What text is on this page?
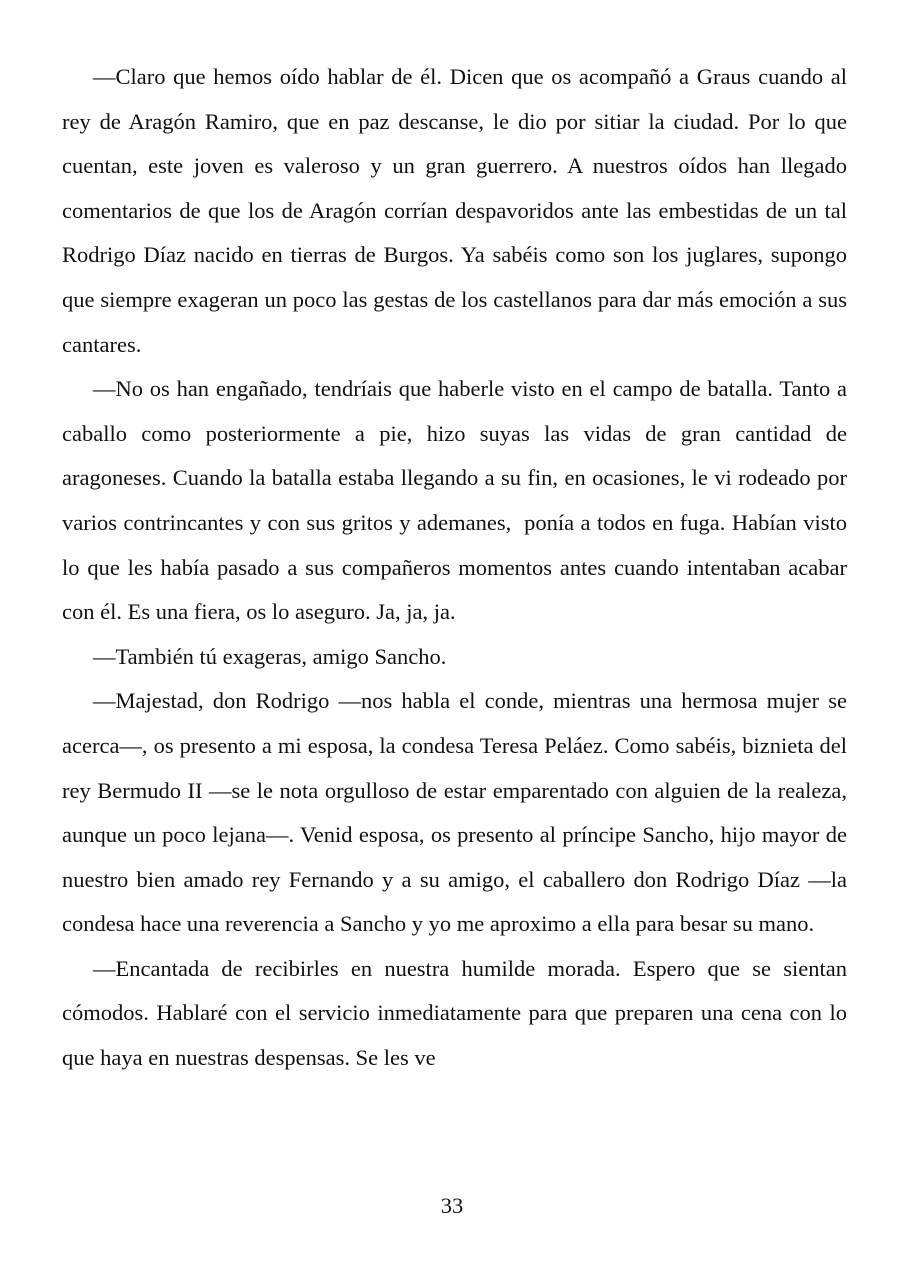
—Claro que hemos oído hablar de él. Dicen que os acompañó a Graus cuando al rey de Aragón Ramiro, que en paz descanse, le dio por sitiar la ciudad. Por lo que cuentan, este joven es valeroso y un gran guerrero. A nuestros oídos han llegado comentarios de que los de Aragón corrían despavoridos ante las embestidas de un tal Rodrigo Díaz nacido en tierras de Burgos. Ya sabéis como son los juglares, supongo que siempre exageran un poco las gestas de los castellanos para dar más emoción a sus cantares.

—No os han engañado, tendríais que haberle visto en el campo de batalla. Tanto a caballo como posteriormente a pie, hizo suyas las vidas de gran cantidad de aragoneses. Cuando la batalla estaba llegando a su fin, en ocasiones, le vi rodeado por varios contrincantes y con sus gritos y ademanes,  ponía a todos en fuga. Habían visto lo que les había pasado a sus compañeros momentos antes cuando intentaban acabar con él. Es una fiera, os lo aseguro. Ja, ja, ja.

—También tú exageras, amigo Sancho.

—Majestad, don Rodrigo —nos habla el conde, mientras una hermosa mujer se acerca—, os presento a mi esposa, la condesa Teresa Peláez. Como sabéis, biznieta del rey Bermudo II —se le nota orgulloso de estar emparentado con alguien de la realeza, aunque un poco lejana—. Venid esposa, os presento al príncipe Sancho, hijo mayor de nuestro bien amado rey Fernando y a su amigo, el caballero don Rodrigo Díaz —la condesa hace una reverencia a Sancho y yo me aproximo a ella para besar su mano.

—Encantada de recibirles en nuestra humilde morada. Espero que se sientan cómodos. Hablaré con el servicio inmediatamente para que preparen una cena con lo que haya en nuestras despensas. Se les ve

33
